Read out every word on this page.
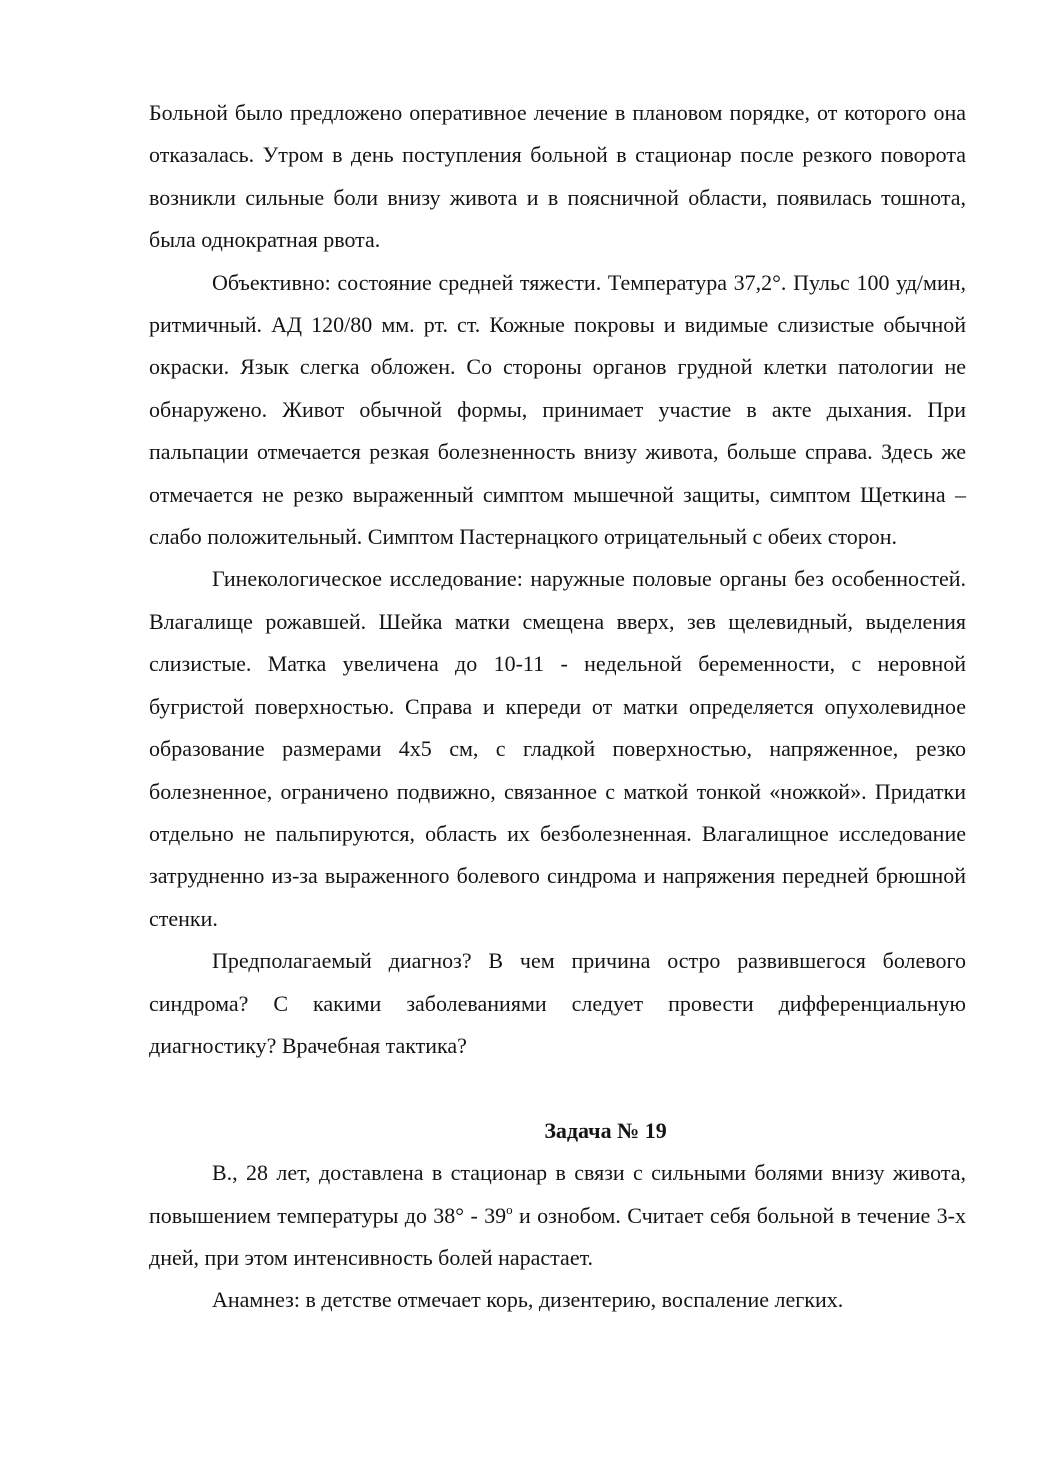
Больной было предложено оперативное лечение в плановом порядке, от которого она отказалась. Утром в день поступления больной в стационар после резкого поворота возникли сильные боли внизу живота и в поясничной области, появилась тошнота, была однократная рвота.

Объективно: состояние средней тяжести. Температура 37,2°. Пульс 100 уд/мин, ритмичный. АД 120/80 мм. рт. ст. Кожные покровы и видимые слизистые обычной окраски. Язык слегка обложен. Со стороны органов грудной клетки патологии не обнаружено. Живот обычной формы, принимает участие в акте дыхания. При пальпации отмечается резкая болезненность внизу живота, больше справа. Здесь же отмечается не резко выраженный симптом мышечной защиты, симптом Щеткина – слабо положительный. Симптом Пастернацкого отрицательный с обеих сторон.

Гинекологическое исследование: наружные половые органы без особенностей. Влагалище рожавшей. Шейка матки смещена вверх, зев щелевидный, выделения слизистые. Матка увеличена до 10-11 - недельной беременности, с неровной бугристой поверхностью. Справа и кпереди от матки определяется опухолевидное образование размерами 4х5 см, с гладкой поверхностью, напряженное, резко болезненное, ограничено подвижно, связанное с маткой тонкой «ножкой». Придатки отдельно не пальпируются, область их безболезненная. Влагалищное исследование затрудненно из-за выраженного болевого синдрома и напряжения передней брюшной стенки.

Предполагаемый диагноз? В чем причина остро развившегося болевого синдрома? С какими заболеваниями следует провести дифференциальную диагностику? Врачебная тактика?

Задача № 19

В., 28 лет, доставлена в стационар в связи с сильными болями внизу живота, повышением температуры до $38^\circ - 39^о$ и ознобом. Считает себя больной в течение 3-х дней, при этом интенсивность болей нарастает.

Анамнез: в детстве отмечает корь, дизентерию, воспаление легких.
